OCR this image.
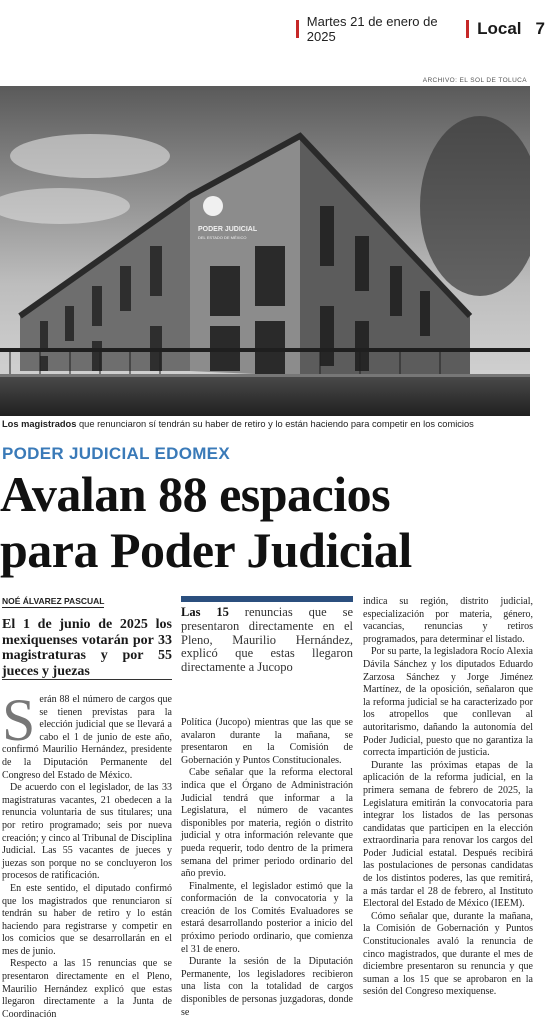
Martes 21 de enero de 2025	Local 7
ARCHIVO: EL SOL DE TOLUCA
PODER JUDICIAL
DEL ESTADO DE MÉXICO
Los magistrados que renunciaron sí tendrán su haber de retiro y lo están haciendo para competir en los comicios
PODER JUDICIAL EDOMEX
Avalan 88 espacios
para Poder Judicial
NOÉ ÁLVAREZ PASCUAL
El 1 de junio de 2025 los mexiquenses votarán por 33 magistraturas y por 55 jueces y juezas
S erán 88 el número de cargos que se tienen previstas para la elección judicial que se llevará a cabo el 1 de junio de este año, confirmó Maurilio Hernández, presidente de la Diputación Permanente del Congreso del Estado de México.

De acuerdo con el legislador, de las 33 magistraturas vacantes, 21 obedecen a la renuncia voluntaria de sus titulares; una por retiro programado; seis por nueva creación; y cinco al Tribunal de Disciplina Judicial. Las 55 vacantes de jueces y juezas son porque no se concluyeron los procesos de ratificación.

En este sentido, el diputado confirmó que los magistrados que renunciaron sí tendrán su haber de retiro y lo están haciendo para registrarse y competir en los comicios que se desarrollarán en el mes de junio.

Respecto a las 15 renuncias que se presentaron directamente en el Pleno, Maurilio Hernández explicó que estas llegaron directamente a la Junta de Coordinación

Las 15 renuncias que se presentaron directamente en el Pleno, Maurilio Hernández, explicó que estas llegaron directamente a Jucopo

Política (Jucopo) mientras que las que se avalaron durante la mañana, se presentaron en la Comisión de Gobernación y Puntos Constitucionales.

Cabe señalar que la reforma electoral indica que el Órgano de Administración Judicial tendrá que informar a la Legislatura, el número de vacantes disponibles por materia, región o distrito judicial y otra información relevante que pueda requerir, todo dentro de la primera semana del primer periodo ordinario del año previo.

Finalmente, el legislador estimó que la conformación de la convocatoria y la creación de los Comités Evaluadores se estará desarrollando posterior a inicio del próximo periodo ordinario, que comienza el 31 de enero.

Durante la sesión de la Diputación Permanente, los legisladores recibieron una lista con la totalidad de cargos disponibles de personas juzgadoras, donde se

indica su región, distrito judicial, especialización por materia, género, vacancias, renuncias y retiros programados, para determinar el listado.

Por su parte, la legisladora Rocío Alexia Dávila Sánchez y los diputados Eduardo Zarzosa Sánchez y Jorge Jiménez Martínez, de la oposición, señalaron que la reforma judicial se ha caracterizado por los atropellos que conllevan al autoritarismo, dañando la autonomía del Poder Judicial, puesto que no garantiza la correcta impartición de justicia.

Durante las próximas etapas de la aplicación de la reforma judicial, en la primera semana de febrero de 2025, la Legislatura emitirán la convocatoria para integrar los listados de las personas candidatas que participen en la elección extraordinaria para renovar los cargos del Poder Judicial estatal. Después recibirá las postulaciones de personas candidatas de los distintos poderes, las que remitirá, a más tardar el 28 de febrero, al Instituto Electoral del Estado de México (IEEM).

Cómo señalar que, durante la mañana, la Comisión de Gobernación y Puntos Constitucionales avaló la renuncia de cinco magistrados, que durante el mes de diciembre presentaron su renuncia y que suman a los 15 que se aprobaron en la sesión del Congreso mexiquense.
